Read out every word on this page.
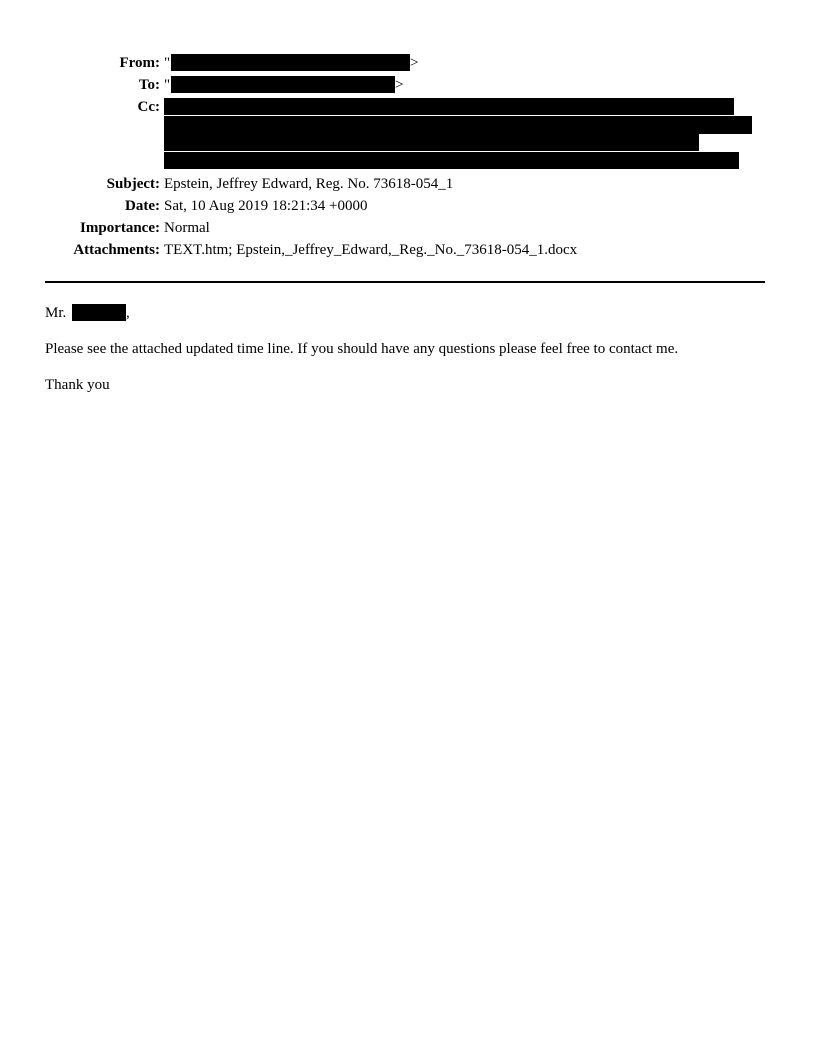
From: "	>
To: "	>
Cc:
Subject: Epstein, Jeffrey Edward, Reg. No. 73618-054_1
Date: Sat, 10 Aug 2019 18:21:34 +0000
Importance: Normal
Attachments: TEXT.htm; Epstein,_Jeffrey_Edward,_Reg._No._73618-054_1.docx
Mr.	,
Please see the attached updated time line. If you should have any questions please feel free to contact me.
Thank you
